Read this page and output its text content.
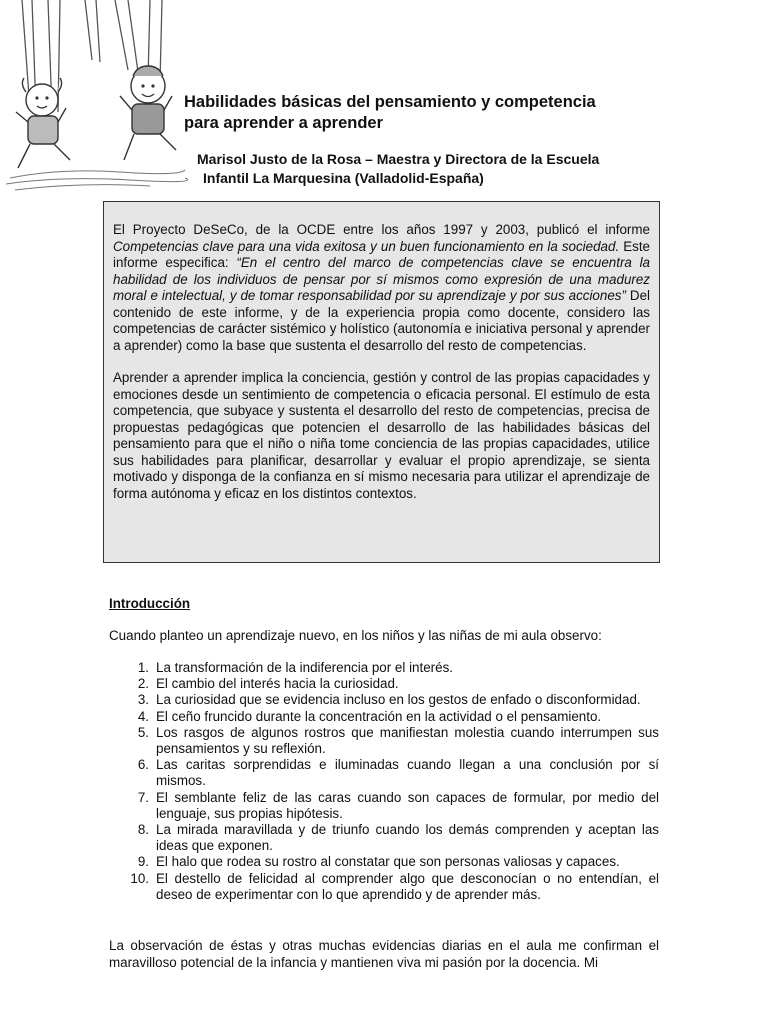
Habilidades básicas del pensamiento y competencia
para aprender a aprender
Marisol Justo de la Rosa – Maestra y Directora de la Escuela
Infantil La Marquesina (Valladolid-España)

El Proyecto DeSeCo, de la OCDE entre los años 1997 y 2003, publicó el informe Competencias clave para una vida exitosa y un buen funcionamiento en la sociedad. Este informe especifica: “En el centro del marco de competencias clave se encuentra la habilidad de los individuos de pensar por sí mismos como expresión de una madurez moral e intelectual, y de tomar responsabilidad por su aprendizaje y por sus acciones” Del contenido de este informe, y de la experiencia propia como docente, considero las competencias de carácter sistémico y holístico (autonomía e iniciativa personal y aprender a aprender) como la base que sustenta el desarrollo del resto de competencias.

Aprender a aprender implica la conciencia, gestión y control de las propias capacidades y emociones desde un sentimiento de competencia o eficacia personal. El estímulo de esta competencia, que subyace y sustenta el desarrollo del resto de competencias, precisa de propuestas pedagógicas que potencien el desarrollo de las habilidades básicas del pensamiento para que el niño o niña tome conciencia de las propias capacidades, utilice sus habilidades para planificar, desarrollar y evaluar el propio aprendizaje, se sienta motivado y disponga de la confianza en sí mismo necesaria para utilizar el aprendizaje de forma autónoma y eficaz en los distintos contextos.

Introducción

Cuando planteo un aprendizaje nuevo, en los niños y las niñas de mi aula observo:

1. La transformación de la indiferencia por el interés.
2. El cambio del interés hacia la curiosidad.
3. La curiosidad que se evidencia incluso en los gestos de enfado o disconformidad.
4. El ceño fruncido durante la concentración en la actividad o el pensamiento.
5. Los rasgos de algunos rostros que manifiestan molestia cuando interrumpen sus pensamientos y su reflexión.
6. Las caritas sorprendidas e iluminadas cuando llegan a una conclusión por sí mismos.
7. El semblante feliz de las caras cuando son capaces de formular, por medio del lenguaje, sus propias hipótesis.
8. La mirada maravillada y de triunfo cuando los demás comprenden y aceptan las ideas que exponen.
9. El halo que rodea su rostro al constatar que son personas valiosas y capaces.
10. El destello de felicidad al comprender algo que desconocían o no entendían, el deseo de experimentar con lo que aprendido y de aprender más.

La observación de éstas y otras muchas evidencias diarias en el aula me confirman el maravilloso potencial de la infancia y mantienen viva mi pasión por la docencia. Mi
